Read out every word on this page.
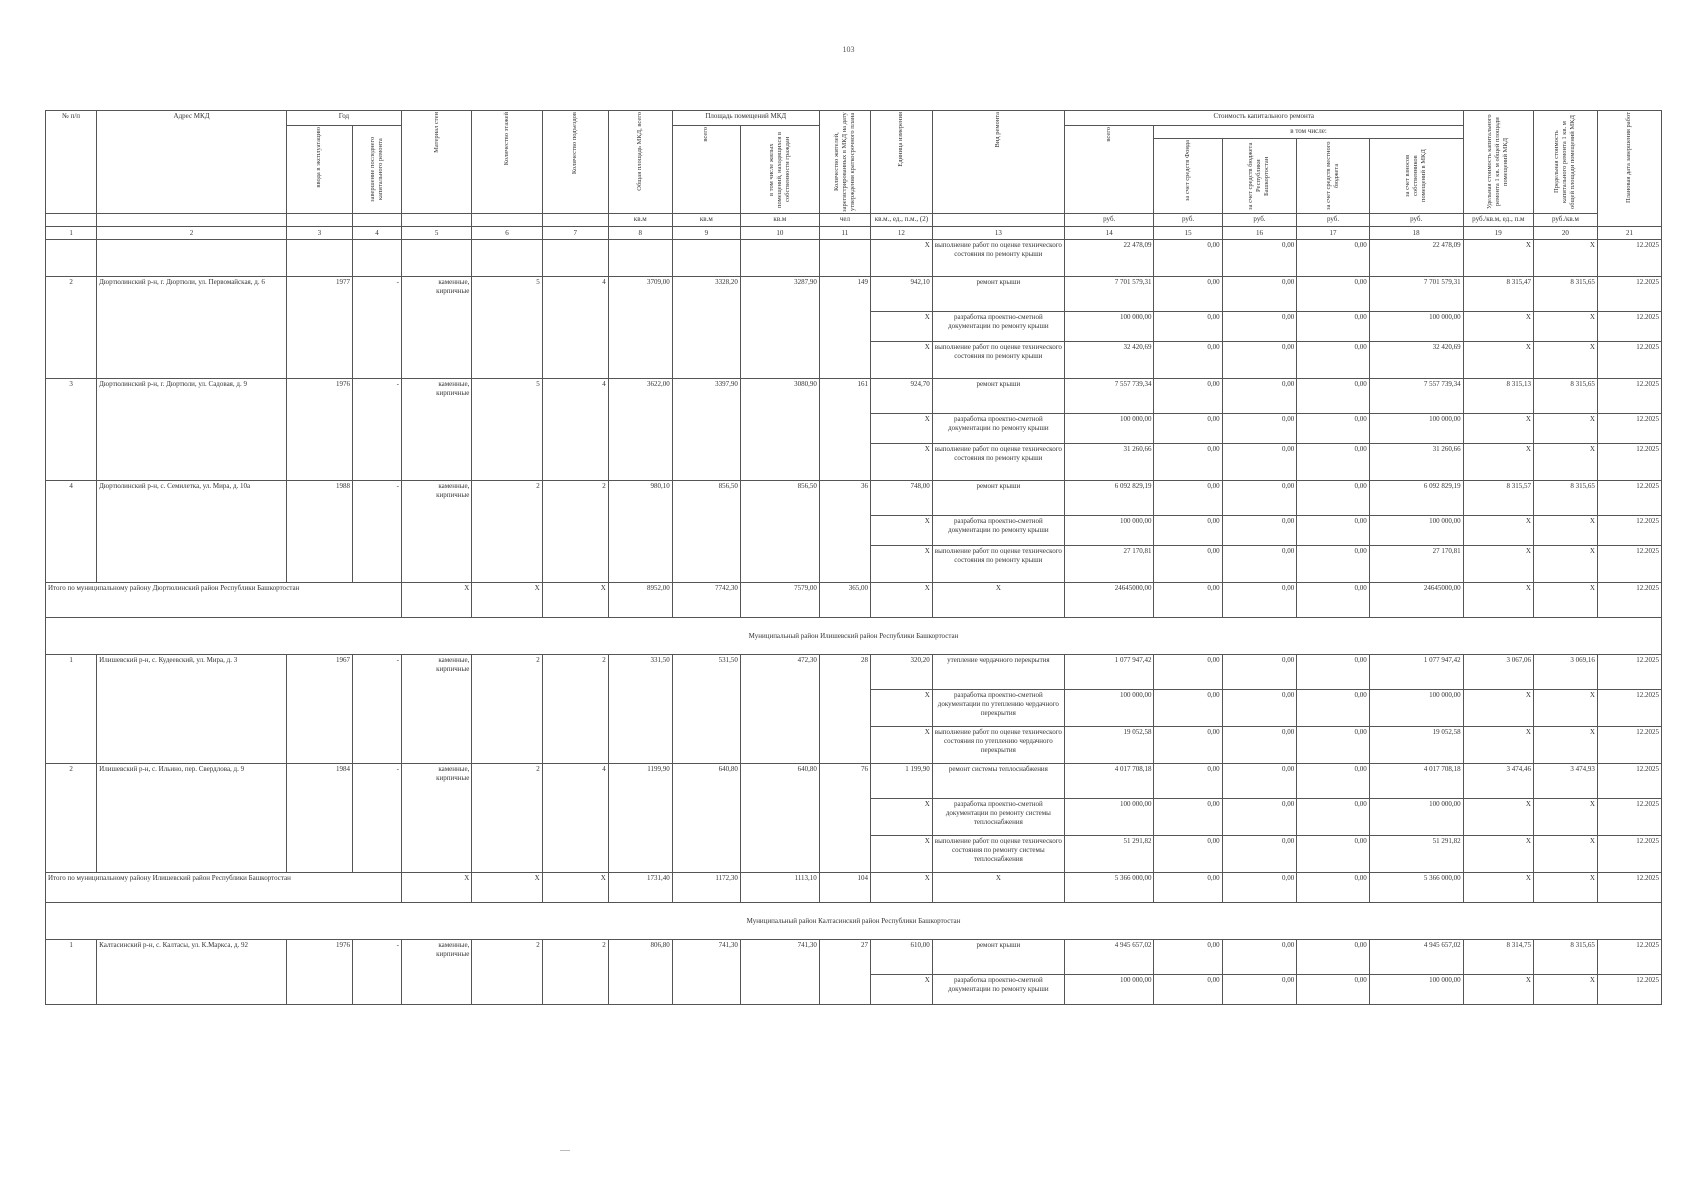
103
№ п/п	Адрес МКД	Год		Материал стен	Количество этажей	Количество подъездов	Общая площадь МКД, всего	Площадь помещений МКД		Количество жителей, зарегистрированных в МКД на дату утверждения краткосрочного плана	Единица измерения	Вид ремонта	Стоимость капитального ремонта					Удельная стоимость капитального ремонта 1 кв. м общей площади помещений МКД	Предельная стоимость капитального ремонта 1 кв. м общей площади помещений МКД	Плановая дата завершения работ

		ввода в эксплуатацию	завершение последнего капитального ремонта					всего	в том числе жилых помещений, находящихся в собственности граждан				всего	в том числе:						

														за счет средств Фонда	за счет средств бюджета Республики Башкортостан	за счет средств местного бюджета	за счет взносов собственников помещений в МКД			

							кв.м	кв.м	кв.м	чел	кв.м., ед., п.м., (2)		руб.	руб.	руб.	руб.	руб.	руб./кв.м, ед., п.м	руб./кв.м	
1	2	3	4	5	6	7	8	9	10	11	12	13	14	15	16	17	18	19	20	21
											X	выполнение работ по оценке технического состояния по ремонту крыши	22 478,09	0,00	0,00	0,00	22 478,09	X	X	12.2025
2	Дюртюлинский р-н, г. Дюртюли, ул. Первомайская, д. 6	1977	-	каменные, кирпичные	5	4	3709,00	3328,20	3287,90	149	942,10	ремонт крыши	7 701 579,31	0,00	0,00	0,00	7 701 579,31	8 315,47	8 315,65	12.2025
											X	разработка проектно-сметной документации по ремонту крыши	100 000,00	0,00	0,00	0,00	100 000,00	X	X	12.2025
											X	выполнение работ по оценке технического состояния по ремонту крыши	32 420,69	0,00	0,00	0,00	32 420,69	X	X	12.2025
3	Дюртюлинский р-н, г. Дюртюли, ул. Садовая, д. 9	1976	-	каменные, кирпичные	5	4	3622,00	3397,90	3080,90	161	924,70	ремонт крыши	7 557 739,34	0,00	0,00	0,00	7 557 739,34	8 315,13	8 315,65	12.2025
											X	разработка проектно-сметной документации по ремонту крыши	100 000,00	0,00	0,00	0,00	100 000,00	X	X	12.2025
											X	выполнение работ по оценке технического состояния по ремонту крыши	31 260,66	0,00	0,00	0,00	31 260,66	X	X	12.2025
4	Дюртюлинский р-н, с. Семилетка, ул. Мира, д. 10а	1988	-	каменные, кирпичные	2	2	980,10	856,50	856,50	36	748,00	ремонт крыши	6 092 829,19	0,00	0,00	0,00	6 092 829,19	8 315,57	8 315,65	12.2025
											X	разработка проектно-сметной документации по ремонту крыши	100 000,00	0,00	0,00	0,00	100 000,00	X	X	12.2025
											X	выполнение работ по оценке технического состояния по ремонту крыши	27 170,81	0,00	0,00	0,00	27 170,81	X	X	12.2025
Итого по муниципальному району Дюртюлинский район Республики Башкортостан				X	X	X	8952,00	7742,30	7579,00	365,00	X	X	24645000,00	0,00	0,00	0,00	24645000,00	X	X	12.2025
Муниципальный район Илишевский район Республики Башкортостан																				
1	Илишевский р-н, с. Кудеевский, ул. Мира, д. 3	1967	-	каменные, кирпичные	2	2	331,50	531,50	472,30	28	320,20	утепление чердачного перекрытия	1 077 947,42	0,00	0,00	0,00	1 077 947,42	3 067,06	3 069,16	12.2025
											X	разработка проектно-сметной документации по утеплению чердачного перекрытия	100 000,00	0,00	0,00	0,00	100 000,00	X	X	12.2025
											X	выполнение работ по оценке технического состояния по утеплению чердачного перекрытия	19 052,58	0,00	0,00	0,00	19 052,58	X	X	12.2025
2	Илишевский р-н, с. Ильино, пер. Свердлова, д. 9	1984	-	каменные, кирпичные	2	4	1199,90	640,80	640,80	76	1 199,90	ремонт системы теплоснабжения	4 017 708,18	0,00	0,00	0,00	4 017 708,18	3 474,46	3 474,93	12.2025
											X	разработка проектно-сметной документации по ремонту системы теплоснабжения	100 000,00	0,00	0,00	0,00	100 000,00	X	X	12.2025
											X	выполнение работ по оценке технического состояния по ремонту системы теплоснабжения	51 291,82	0,00	0,00	0,00	51 291,82	X	X	12.2025
Итого по муниципальному району Илишевский район Республики Башкортостан				X	X	X	1731,40	1172,30	1113,10	104	X	X	5 366 000,00	0,00	0,00	0,00	5 366 000,00	X	X	12.2025
Муниципальный район Калтасинский район Республики Башкортостан																				
1	Калтасинский р-н, с. Калтасы, ул. К.Маркса, д. 92	1976	-	каменные, кирпичные	2	2	806,80	741,30	741,30	27	610,00	ремонт крыши	4 945 657,02	0,00	0,00	0,00	4 945 657,02	8 314,75	8 315,65	12.2025
											X	разработка проектно-сметной документации по ремонту крыши	100 000,00	0,00	0,00	0,00	100 000,00	X	X	12.2025
